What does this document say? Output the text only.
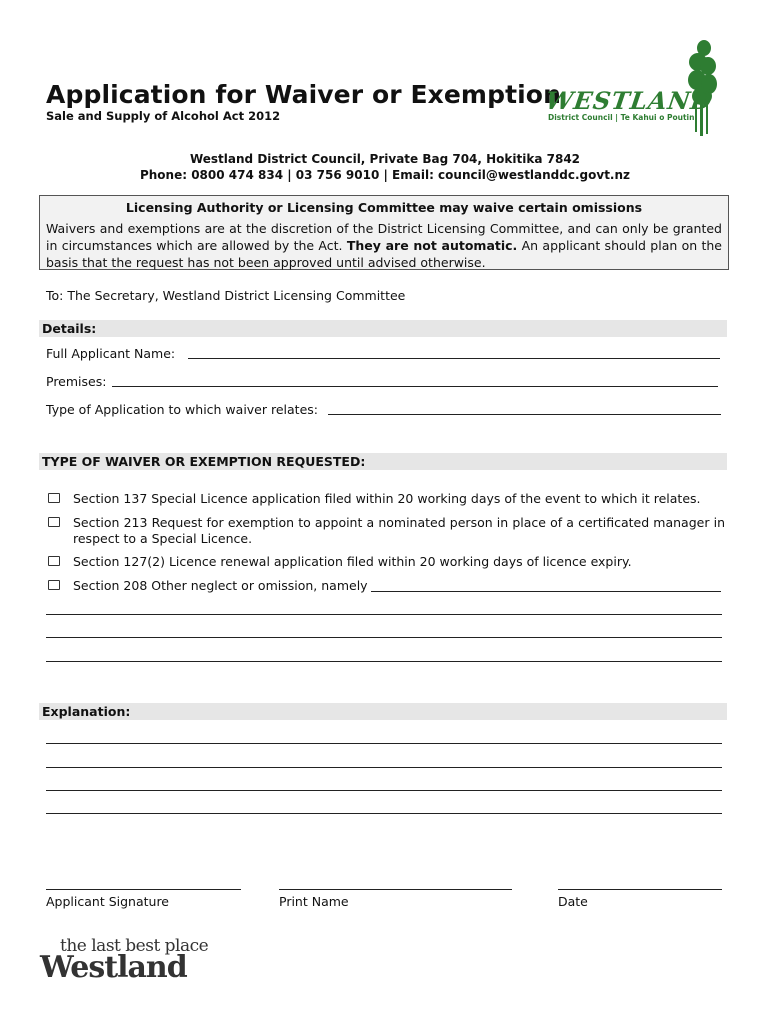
Application for Waiver or Exemption
Sale and Supply of Alcohol Act 2012
WESTLAND
District Council | Te Kahui o Poutini
Westland District Council, Private Bag 704, Hokitika 7842
Phone: 0800 474 834 | 03 756 9010 | Email: council@westlanddc.govt.nz
Licensing Authority or Licensing Committee may waive certain omissions
Waivers and exemptions are at the discretion of the District Licensing Committee, and can only be granted in circumstances which are allowed by the Act. They are not automatic. An applicant should plan on the basis that the request has not been approved until advised otherwise.
To: The Secretary, Westland District Licensing Committee
Details:
Full Applicant Name:
Premises:
Type of Application to which waiver relates:
TYPE OF WAIVER OR EXEMPTION REQUESTED:
Section 137 Special Licence application filed within 20 working days of the event to which it relates.
Section 213 Request for exemption to appoint a nominated person in place of a certificated manager in respect to a Special Licence.
Section 127(2) Licence renewal application filed within 20 working days of licence expiry.
Section 208 Other neglect or omission, namely
Explanation:
Applicant Signature	Print Name	Date
the last best place
Westland
